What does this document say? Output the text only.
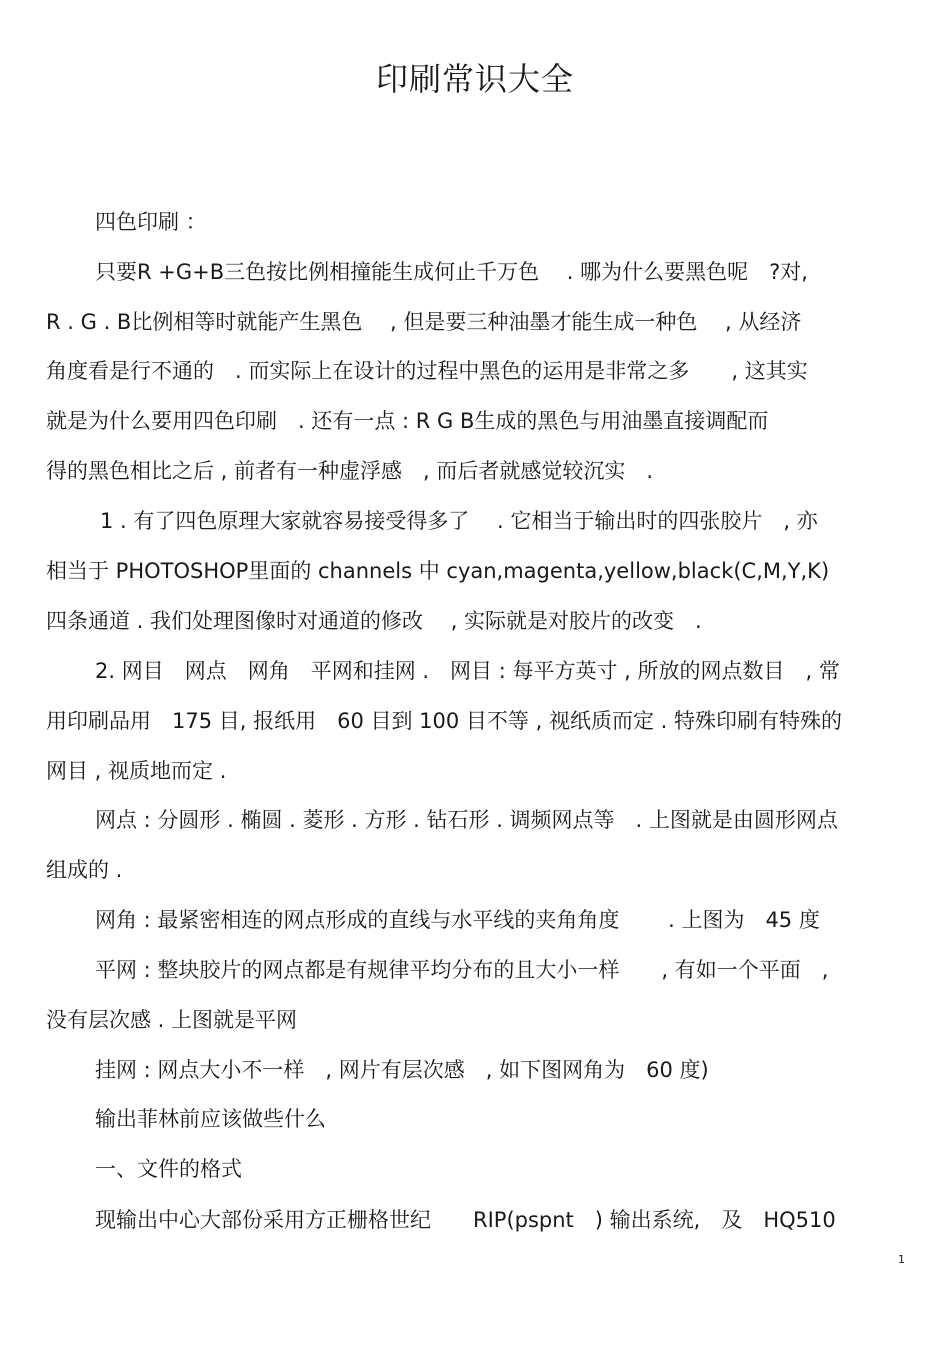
印刷常识大全
四色印刷 ：
只要R +G+B三色按比例相撞能生成何止千万色　 . 哪为什么要黑色呢　?对,
R . G . B比例相等时就能产生黑色　 , 但是要三种油墨才能生成一种色　 , 从经济
角度看是行不通的　. 而实际上在设计的过程中黑色的运用是非常之多　　, 这其实
就是为什么要用四色印刷　. 还有一点 : R G B生成的黑色与用油墨直接调配而
得的黑色相比之后 , 前者有一种虚浮感　, 而后者就感觉较沉实　.
1 . 有了四色原理大家就容易接受得多了　 . 它相当于输出时的四张胶片　, 亦
相当于 PHOTOSHOP里面的 channels 中 cyan,magenta,yellow,black(C,M,Y,K)
四条通道 . 我们处理图像时对通道的修改　 , 实际就是对胶片的改变　.
2. 网目　网点　网角　平网和挂网 .　网目 : 每平方英寸 , 所放的网点数目　, 常
用印刷品用　175 目, 报纸用　60 目到 100 目不等 , 视纸质而定 . 特殊印刷有特殊的
网目 , 视质地而定 .
网点 : 分圆形 . 椭圆 . 菱形 . 方形 . 钻石形 . 调频网点等　. 上图就是由圆形网点
组成的 .
网角 : 最紧密相连的网点形成的直线与水平线的夹角角度　　 . 上图为　45 度
平网 : 整块胶片的网点都是有规律平均分布的且大小一样　　, 有如一个平面　,
没有层次感 . 上图就是平网
挂网 : 网点大小不一样　, 网片有层次感　, 如下图网角为　60 度)
输出菲林前应该做些什么
一、文件的格式
现输出中心大部份采用方正栅格世纪　　RIP(pspnt　) 输出系统,　及　HQ510
1
